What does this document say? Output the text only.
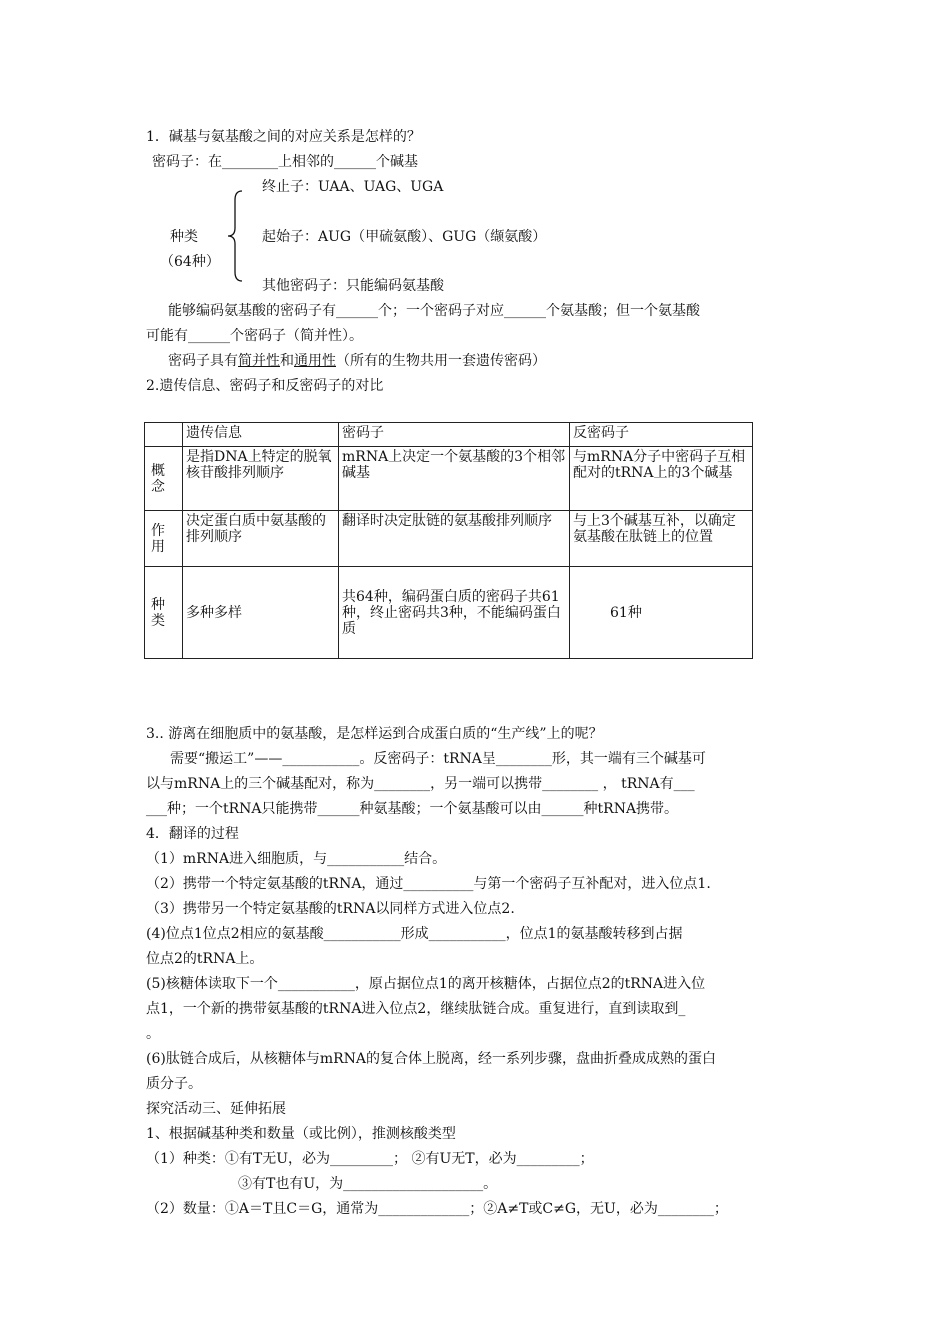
1．碱基与氨基酸之间的对应关系是怎样的？
密码子：在________上相邻的______个碱基
终止子：UAA、UAG、UGA
种类
（64种）
起始子：AUG（甲硫氨酸）、GUG（缬氨酸）
其他密码子：只能编码氨基酸
能够编码氨基酸的密码子有______个；一个密码子对应______个氨基酸；但一个氨基酸
可能有______个密码子（简并性）。
密码子具有简并性和通用性（所有的生物共用一套遗传密码）
2.遗传信息、密码子和反密码子的对比
	遗传信息	密码子	反密码子

概念	是指DNA上特定的脱氧核苷酸排列顺序	mRNA上决定一个氨基酸的3个相邻碱基	与mRNA分子中密码子互相配对的tRNA上的3个碱基

作用	决定蛋白质中氨基酸的排列顺序	翻译时决定肽链的氨基酸排列顺序	与上3个碱基互补，以确定氨基酸在肽链上的位置

种类	多种多样	共64种，编码蛋白质的密码子共61种，终止密码共3种，不能编码蛋白质	61种
3.. 游离在细胞质中的氨基酸，是怎样运到合成蛋白质的“生产线”上的呢？
需要“搬运工”——___________。反密码子：tRNA呈________形，其一端有三个碱基可
以与mRNA上的三个碱基配对，称为________，另一端可以携带________ ， tRNA有___
___种；一个tRNA只能携带______种氨基酸；一个氨基酸可以由______种tRNA携带。
4．翻译的过程
（1）mRNA进入细胞质，与___________结合。
（2）携带一个特定氨基酸的tRNA，通过__________与第一个密码子互补配对，进入位点1.
（3）携带另一个特定氨基酸的tRNA以同样方式进入位点2.
(4)位点1位点2相应的氨基酸___________形成___________，位点1的氨基酸转移到占据
位点2的tRNA上。
(5)核糖体读取下一个___________，原占据位点1的离开核糖体，占据位点2的tRNA进入位
点1，一个新的携带氨基酸的tRNA进入位点2，继续肽链合成。重复进行，直到读取到_
。
(6)肽链合成后，从核糖体与mRNA的复合体上脱离，经一系列步骤，盘曲折叠成成熟的蛋白
质分子。
探究活动三、延伸拓展
1、根据碱基种类和数量（或比例），推测核酸类型
（1）种类：①有T无U，必为_________； ②有U无T，必为_________；
③有T也有U，为____________________。
（2）数量：①A＝T且C＝G，通常为_____________；②A≠T或C≠G，无U，必为________；
